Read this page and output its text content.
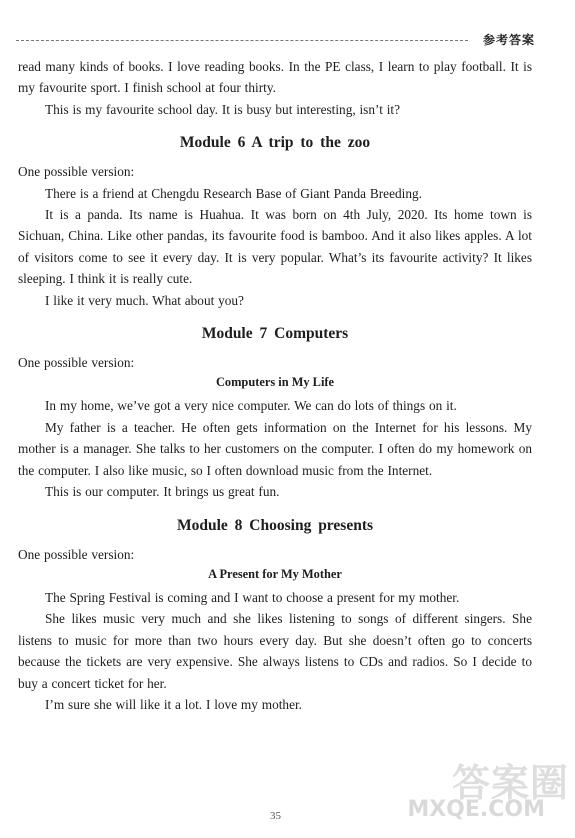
参考答案

read many kinds of books. I love reading books. In the PE class, I learn to play football. It is my favourite sport. I finish school at four thirty.

This is my favourite school day. It is busy but interesting, isn’t it?

Module 6 A trip to the zoo

One possible version:

There is a friend at Chengdu Research Base of Giant Panda Breeding.

It is a panda. Its name is Huahua. It was born on 4th July, 2020. Its home town is Sichuan, China. Like other pandas, its favourite food is bamboo. And it also likes apples. A lot of visitors come to see it every day. It is very popular. What’s its favourite activity? It likes sleeping. I think it is really cute.

I like it very much. What about you?

Module 7 Computers

One possible version:

Computers in My Life

In my home, we’ve got a very nice computer. We can do lots of things on it.

My father is a teacher. He often gets information on the Internet for his lessons. My mother is a manager. She talks to her customers on the computer. I often do my homework on the computer. I also like music, so I often download music from the Internet.

This is our computer. It brings us great fun.

Module 8 Choosing presents

One possible version:

A Present for My Mother

The Spring Festival is coming and I want to choose a present for my mother.

She likes music very much and she likes listening to songs of different singers. She listens to music for more than two hours every day. But she doesn’t often go to concerts because the tickets are very expensive. She always listens to CDs and radios. So I decide to buy a concert ticket for her.

I’m sure she will like it a lot. I love my mother.

35
答案圈
MXQE.COM
